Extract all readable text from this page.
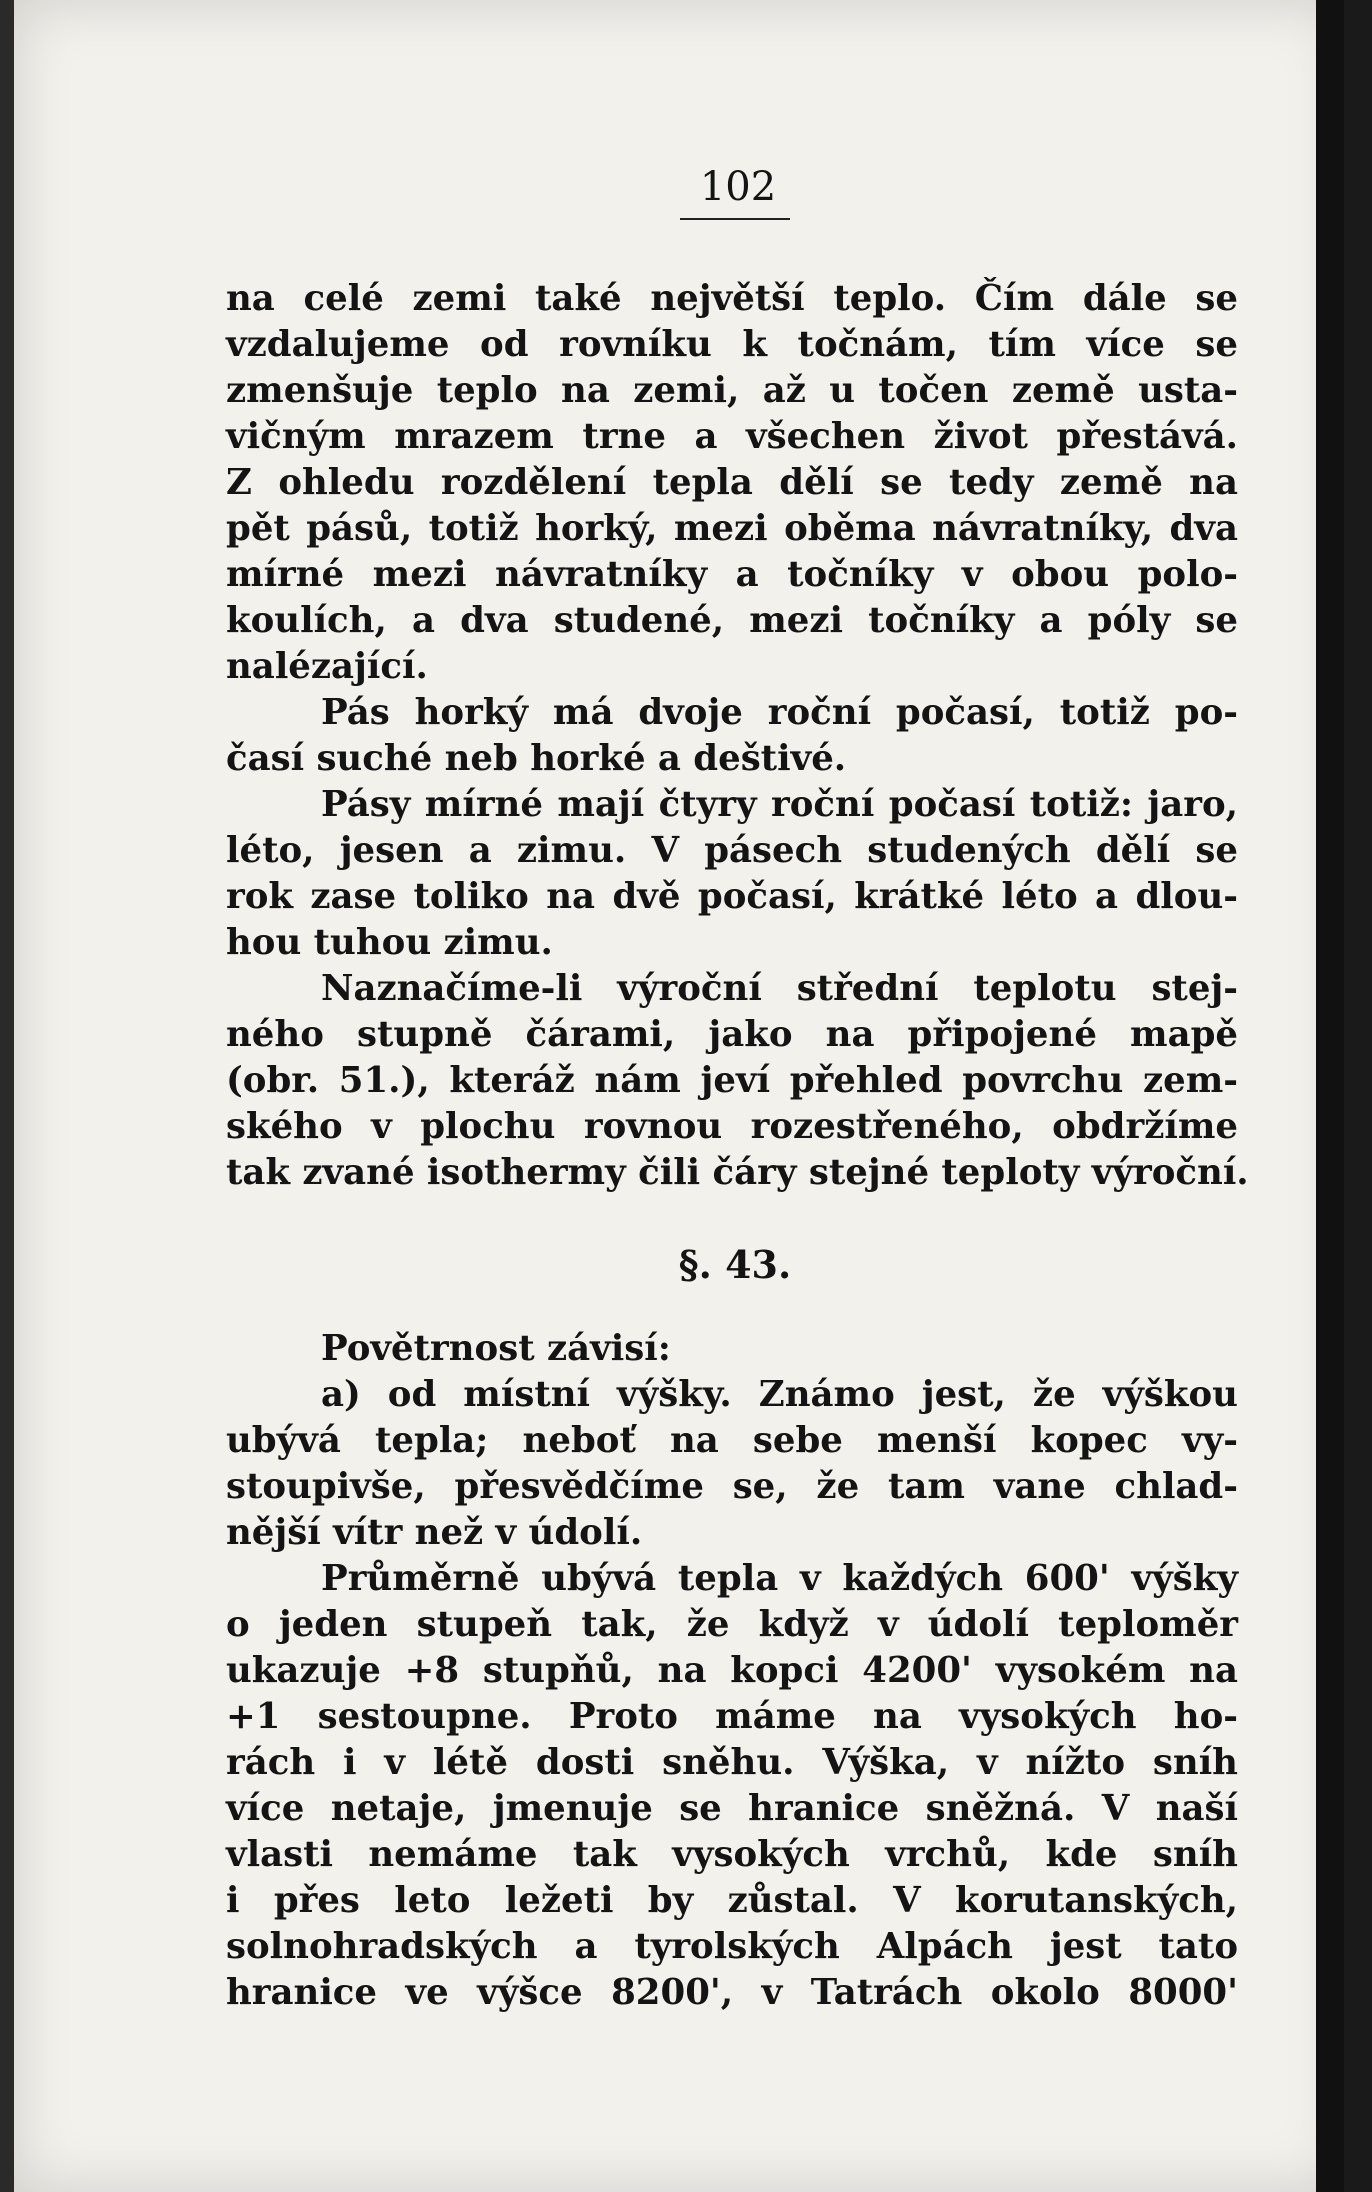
102
na celé zemi také největší teplo. Čím dále se
vzdalujeme od rovníku k točnám, tím více se
zmenšuje teplo na zemi, až u točen země usta-
vičným mrazem trne a všechen život přestává.
Z ohledu rozdělení tepla dělí se tedy země na
pět pásů, totiž horký, mezi oběma návratníky, dva
mírné mezi návratníky a točníky v obou polo-
koulích, a dva studené, mezi točníky a póly se
nalézající.
Pás horký má dvoje roční počasí, totiž po-
časí suché neb horké a deštivé.
Pásy mírné mají čtyry roční počasí totiž: jaro,
léto, jesen a zimu. V pásech studených dělí se
rok zase toliko na dvě počasí, krátké léto a dlou-
hou tuhou zimu.
Naznačíme-li výroční střední teplotu stej-
ného stupně čárami, jako na připojené mapě
(obr. 51.), kteráž nám jeví přehled povrchu zem-
ského v plochu rovnou rozestřeného, obdržíme
tak zvané isothermy čili čáry stejné teploty výroční.
§. 43.
Povětrnost závisí:
a) od místní výšky. Známo jest, že výškou
ubývá tepla; neboť na sebe menší kopec vy-
stoupivše, přesvědčíme se, že tam vane chlad-
nější vítr než v údolí.
Průměrně ubývá tepla v každých 600' výšky
o jeden stupeň tak, že když v údolí teploměr
ukazuje +8 stupňů, na kopci 4200' vysokém na
+1 sestoupne. Proto máme na vysokých ho-
rách i v létě dosti sněhu. Výška, v nížto sníh
více netaje, jmenuje se hranice sněžná. V naší
vlasti nemáme tak vysokých vrchů, kde sníh
i přes leto ležeti by zůstal. V korutanských,
solnohradských a tyrolských Alpách jest tato
hranice ve výšce 8200', v Tatrách okolo 8000'
